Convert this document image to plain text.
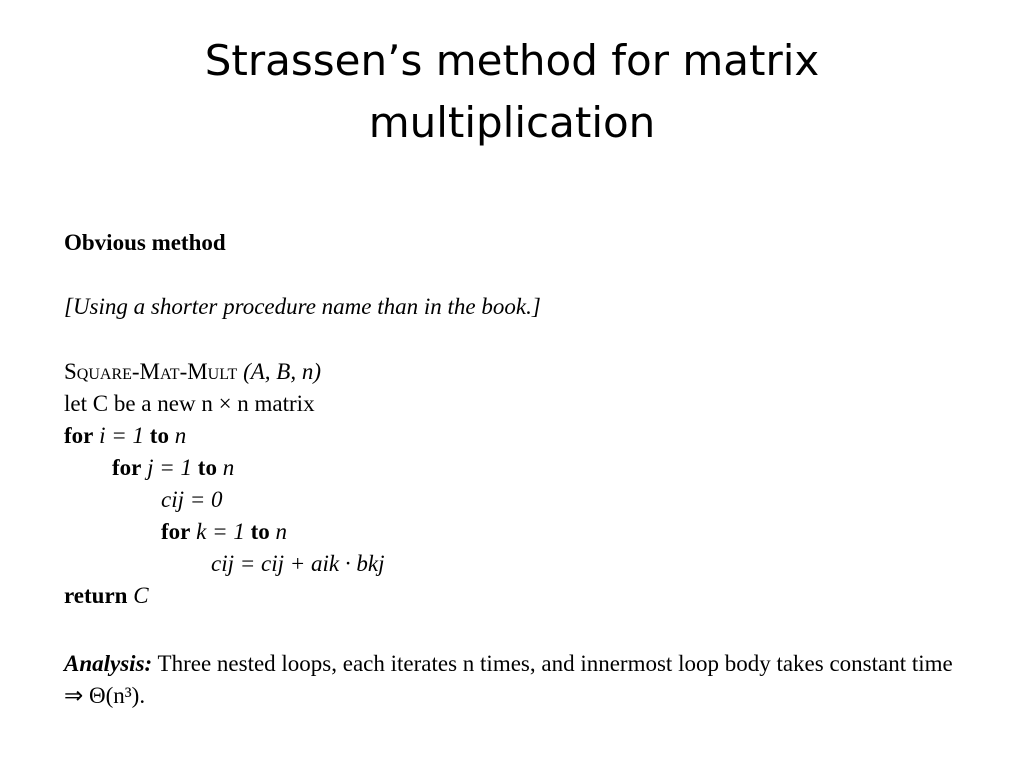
Strassen’s method for matrix
multiplication
Obvious method
[Using a shorter procedure name than in the book.]
Square-Mat-Mult (A, B, n)
let C be a new n × n matrix
for i = 1 to n
for j = 1 to n
cij = 0
for k = 1 to n
cij = cij + aik · bkj
return C
Analysis: Three nested loops, each iterates n times, and innermost loop body takes constant time ⇒ Θ(n³).
